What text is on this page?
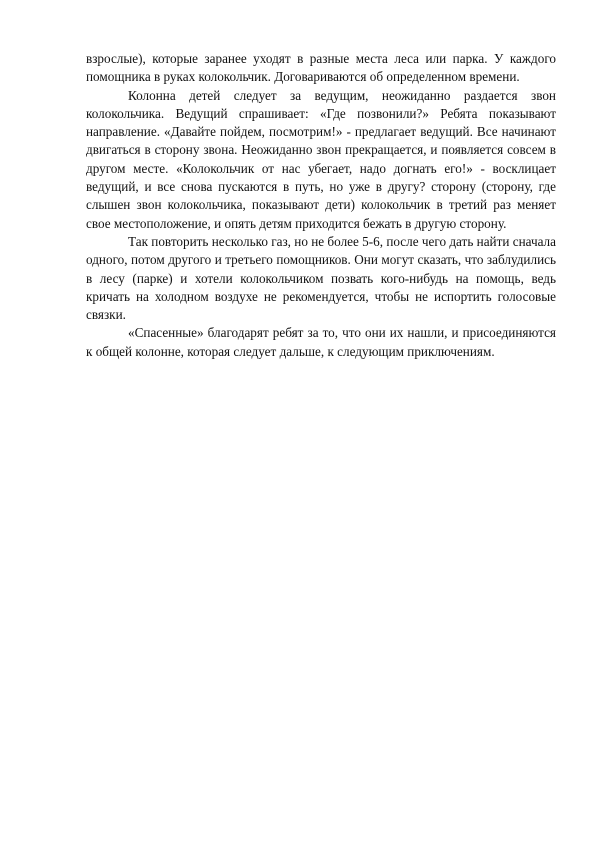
взрослые), которые заранее уходят в разные места леса или парка. У каждого помощника в руках колокольчик. Договариваются об определенном времени.

Колонна детей следует за ведущим, неожиданно раздается звон колокольчика. Ведущий спрашивает: «Где позвонили?» Ребята показывают направление. «Давайте пойдем, посмотрим!» - предлагает ведущий. Все начинают двигаться в сторону звона. Неожиданно звон прекращается, и появляется совсем в другом месте. «Колокольчик от нас убегает, надо догнать его!» - восклицает ведущий, и все снова пускаются в путь, но уже в другу? сторону (сторону, где слышен звон колокольчика, показывают дети) колокольчик в третий раз меняет свое местоположение, и опять детям приходится бежать в другую сторону.

Так повторить несколько газ, но не более 5-6, после чего дать найти сначала одного, потом другого и третьего помощников. Они могут сказать, что заблудились в лесу (парке) и хотели колокольчиком позвать кого-нибудь на помощь, ведь кричать на холодном воздухе не рекомендуется, чтобы не испортить голосовые связки.

«Спасенные» благодарят ребят за то, что они их нашли, и присоединяются к общей колонне, которая следует дальше, к следующим приключениям.
